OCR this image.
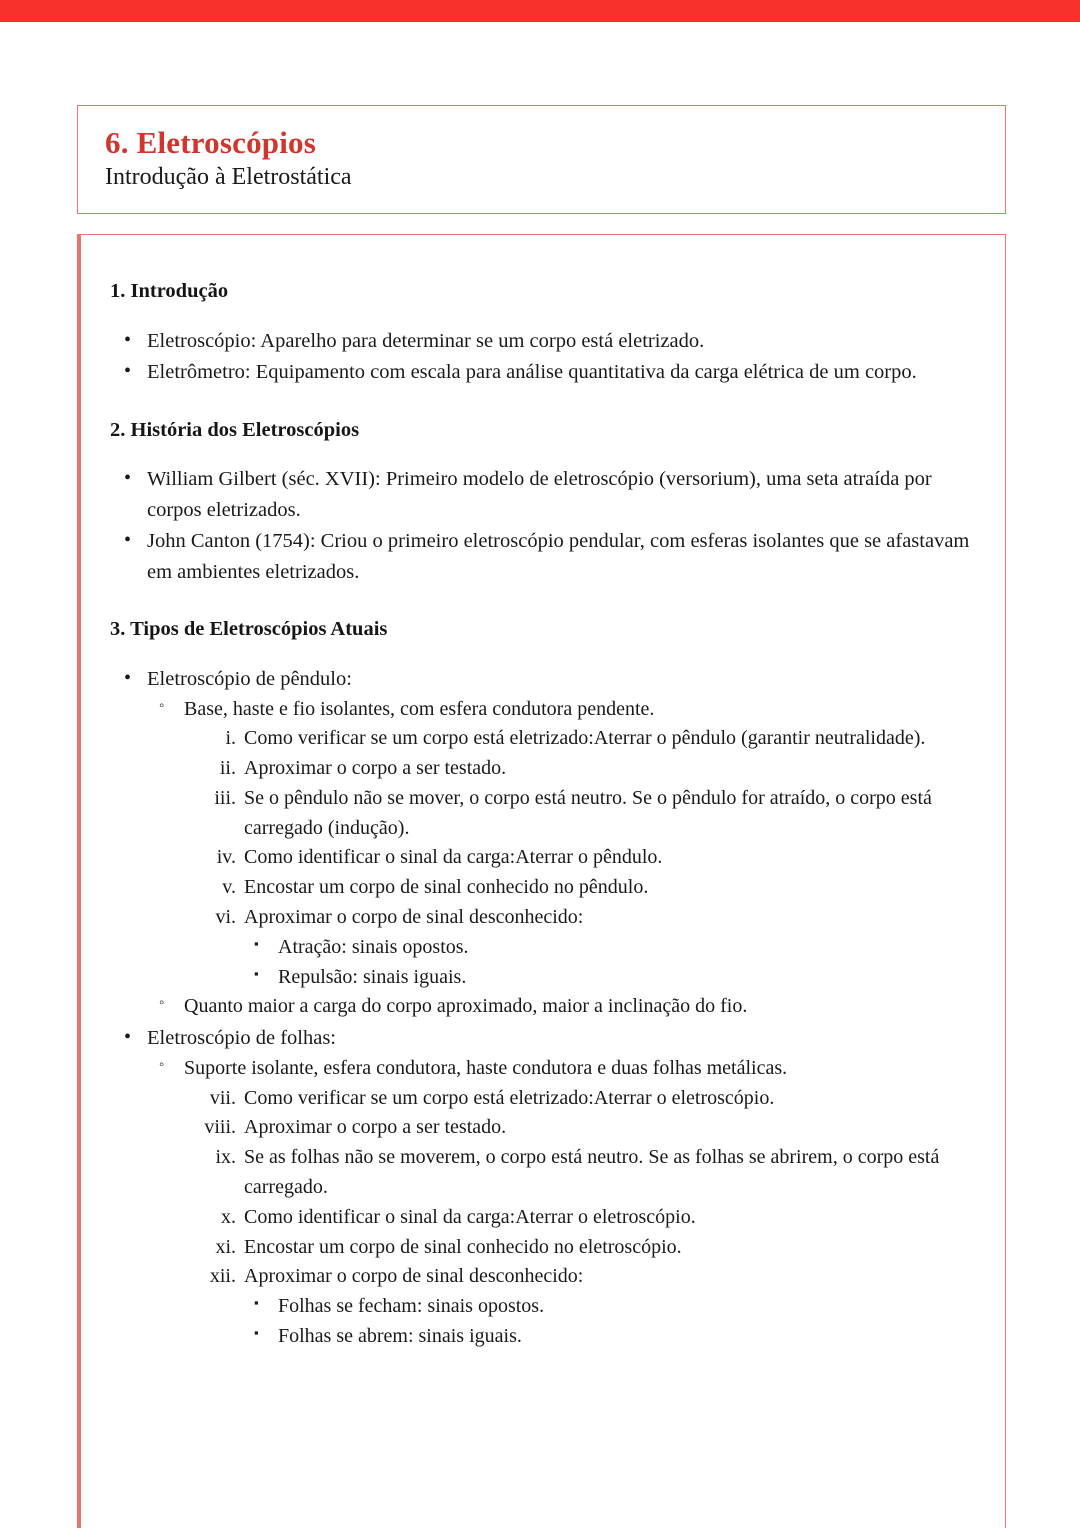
6. Eletroscópios
Introdução à Eletrostática
1. Introdução
• Eletroscópio: Aparelho para determinar se um corpo está eletrizado.
• Eletrômetro: Equipamento com escala para análise quantitativa da carga elétrica de um corpo.
2. História dos Eletroscópios
• William Gilbert (séc. XVII): Primeiro modelo de eletroscópio (versorium), uma seta atraída por corpos eletrizados.
• John Canton (1754): Criou o primeiro eletroscópio pendular, com esferas isolantes que se afastavam em ambientes eletrizados.
3. Tipos de Eletroscópios Atuais
• Eletroscópio de pêndulo:
◦ Base, haste e fio isolantes, com esfera condutora pendente.
i. Como verificar se um corpo está eletrizado:Aterrar o pêndulo (garantir neutralidade).
ii. Aproximar o corpo a ser testado.
iii. Se o pêndulo não se mover, o corpo está neutro. Se o pêndulo for atraído, o corpo está carregado (indução).
iv. Como identificar o sinal da carga:Aterrar o pêndulo.
v. Encostar um corpo de sinal conhecido no pêndulo.
vi. Aproximar o corpo de sinal desconhecido:
▪ Atração: sinais opostos.
▪ Repulsão: sinais iguais.
◦ Quanto maior a carga do corpo aproximado, maior a inclinação do fio.
• Eletroscópio de folhas:
◦ Suporte isolante, esfera condutora, haste condutora e duas folhas metálicas.
vii. Como verificar se um corpo está eletrizado:Aterrar o eletroscópio.
viii. Aproximar o corpo a ser testado.
ix. Se as folhas não se moverem, o corpo está neutro. Se as folhas se abrirem, o corpo está carregado.
x. Como identificar o sinal da carga:Aterrar o eletroscópio.
xi. Encostar um corpo de sinal conhecido no eletroscópio.
xii. Aproximar o corpo de sinal desconhecido:
▪ Folhas se fecham: sinais opostos.
▪ Folhas se abrem: sinais iguais.
